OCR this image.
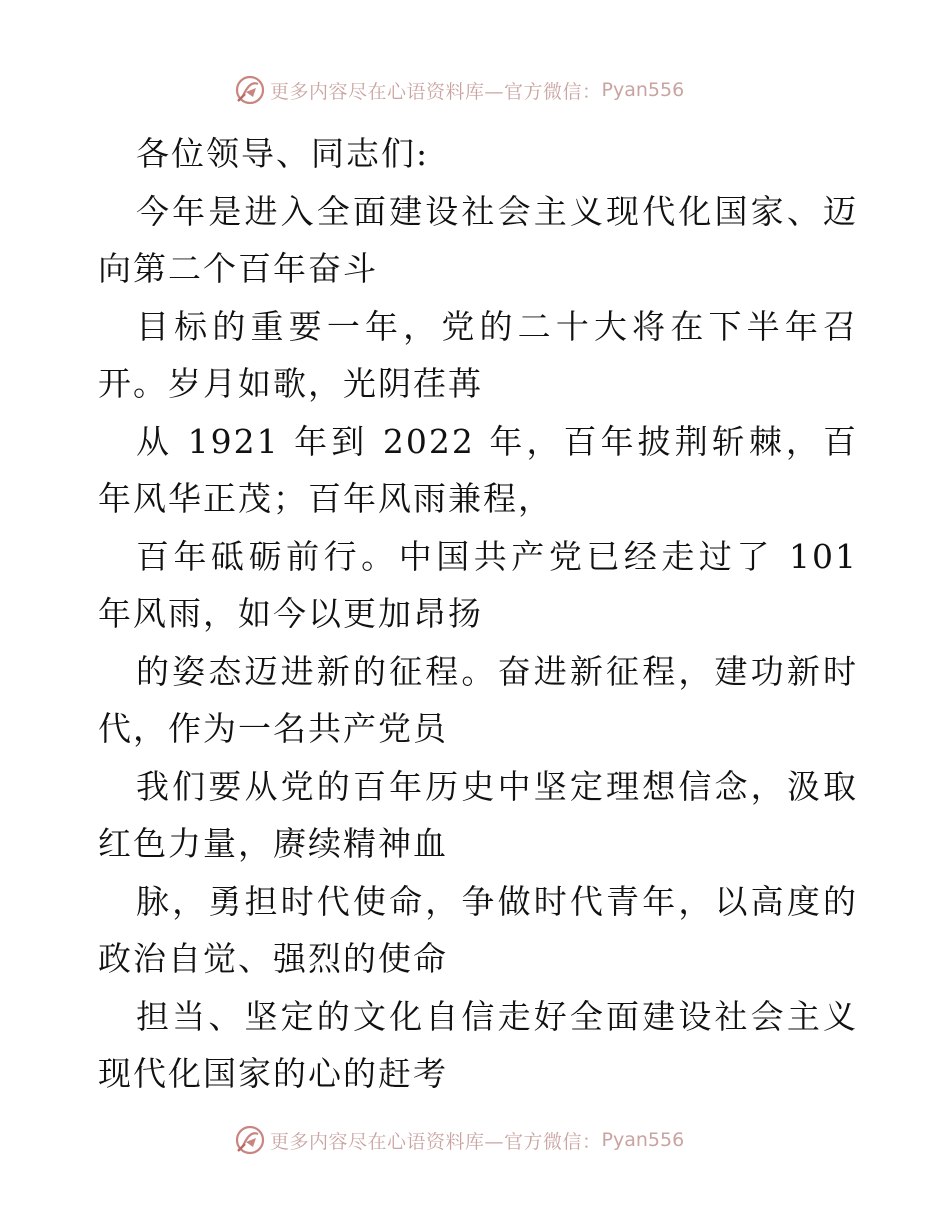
更多内容尽在心语资料库—官方微信： Pyan556

各位领导、同志们:

今年是进入全面建设社会主义现代化国家、迈向第二个百年奋斗

目标的重要一年，党的二十大将在下半年召开。岁月如歌，光阴荏苒

从 1921 年到 2022 年，百年披荆斩棘，百年风华正茂；百年风雨兼程，

百年砥砺前行。中国共产党已经走过了 101 年风雨，如今以更加昂扬

的姿态迈进新的征程。奋进新征程，建功新时代，作为一名共产党员

我们要从党的百年历史中坚定理想信念，汲取红色力量，赓续精神血

脉，勇担时代使命，争做时代青年，以高度的政治自觉、强烈的使命

担当、坚定的文化自信走好全面建设社会主义现代化国家的心的赶考

更多内容尽在心语资料库—官方微信： Pyan556
